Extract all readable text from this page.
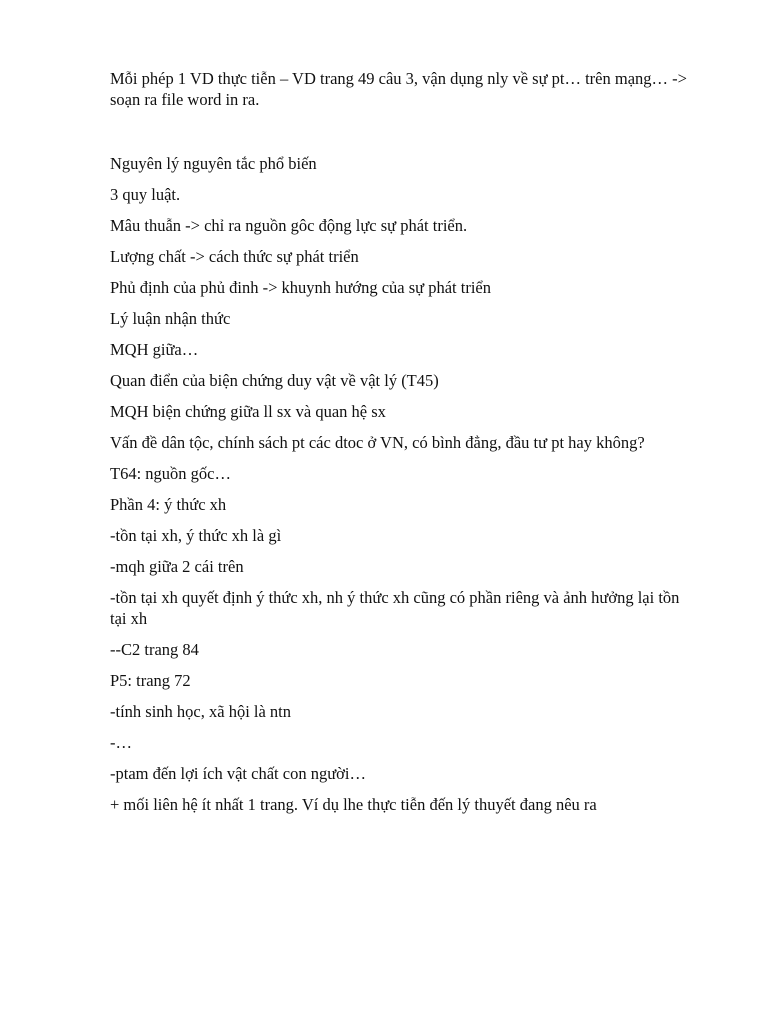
Mỗi phép 1 VD thực tiễn – VD trang 49 câu 3, vận dụng nly về sự pt… trên mạng… -> soạn ra file word in ra.

Nguyên lý nguyên tắc phổ biến

3 quy luật.

Mâu thuẫn -> chỉ ra nguồn gôc động lực sự phát triển.

Lượng chất -> cách thức sự phát triển

Phủ định của phủ đinh -> khuynh hướng của sự phát triển

Lý luận nhận thức

MQH giữa…

Quan điển của biện chứng duy vật về vật lý (T45)

MQH biện chứng giữa ll sx và quan hệ sx

Vấn đề dân tộc, chính sách pt các dtoc ở VN, có bình đẳng, đầu tư pt hay không?

T64: nguồn gốc…

Phần 4: ý thức xh

-tồn tại xh, ý thức xh là gì

-mqh giữa 2 cái trên

-tồn tại xh quyết định ý thức xh, nh ý thức xh cũng có phần riêng và ảnh hưởng lại tồn tại xh

--C2 trang 84

P5: trang 72

-tính sinh học, xã hội là ntn

-…

-ptam đến lợi ích vật chất con người…

+ mối liên hệ ít nhất 1 trang. Ví dụ lhe thực tiễn đến lý thuyết đang nêu ra
